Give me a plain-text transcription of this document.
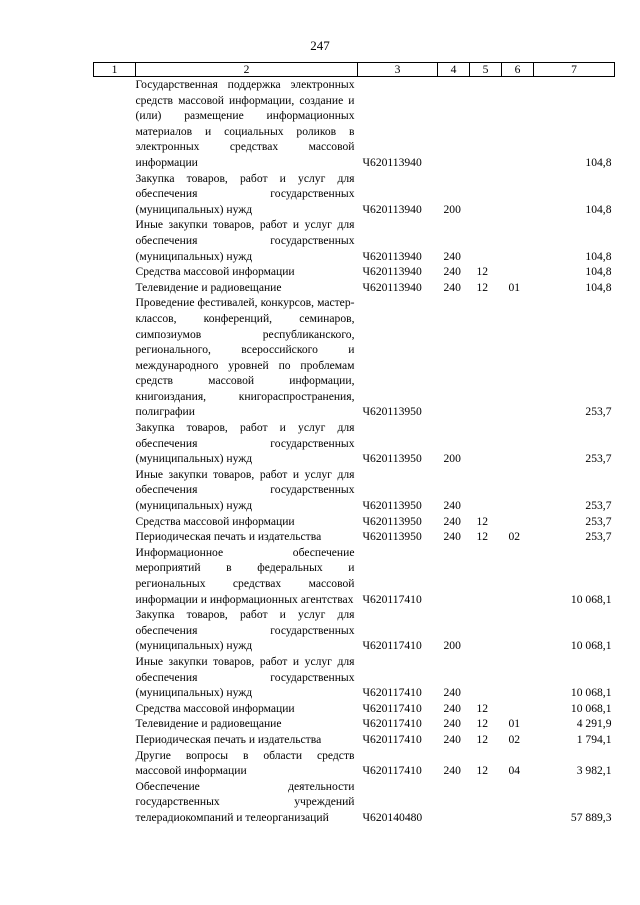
247
1	2	3	4	5	6	7
Государственная поддержка электронных средств массовой информации, создание и (или) размещение информационных материалов и социальных роликов в электронных средствах массовой информации		Ч620113940				104,8
Закупка товаров, работ и услуг для обеспечения государственных (муниципальных) нужд		Ч620113940	200			104,8
Иные закупки товаров, работ и услуг для обеспечения государственных (муниципальных) нужд		Ч620113940	240			104,8
Средства массовой информации		Ч620113940	240	12		104,8
Телевидение и радиовещание		Ч620113940	240	12	01	104,8
Проведение фестивалей, конкурсов, мастер-классов, конференций, семинаров, симпозиумов республиканского, регионального, всероссийского и международного уровней по проблемам средств массовой информации, книгоиздания, книгораспространения, полиграфии		Ч620113950				253,7
Закупка товаров, работ и услуг для обеспечения государственных (муниципальных) нужд		Ч620113950	200			253,7
Иные закупки товаров, работ и услуг для обеспечения государственных (муниципальных) нужд		Ч620113950	240			253,7
Средства массовой информации		Ч620113950	240	12		253,7
Периодическая печать и издательства		Ч620113950	240	12	02	253,7
Информационное обеспечение мероприятий в федеральных и региональных средствах массовой информации и информационных агентствах		Ч620117410				10 068,1
Закупка товаров, работ и услуг для обеспечения государственных (муниципальных) нужд		Ч620117410	200			10 068,1
Иные закупки товаров, работ и услуг для обеспечения государственных (муниципальных) нужд		Ч620117410	240			10 068,1
Средства массовой информации		Ч620117410	240	12		10 068,1
Телевидение и радиовещание		Ч620117410	240	12	01	4 291,9
Периодическая печать и издательства		Ч620117410	240	12	02	1 794,1
Другие вопросы в области средств массовой информации		Ч620117410	240	12	04	3 982,1
Обеспечение деятельности государственных учреждений телерадиокомпаний и телеорганизаций		Ч620140480				57 889,3
